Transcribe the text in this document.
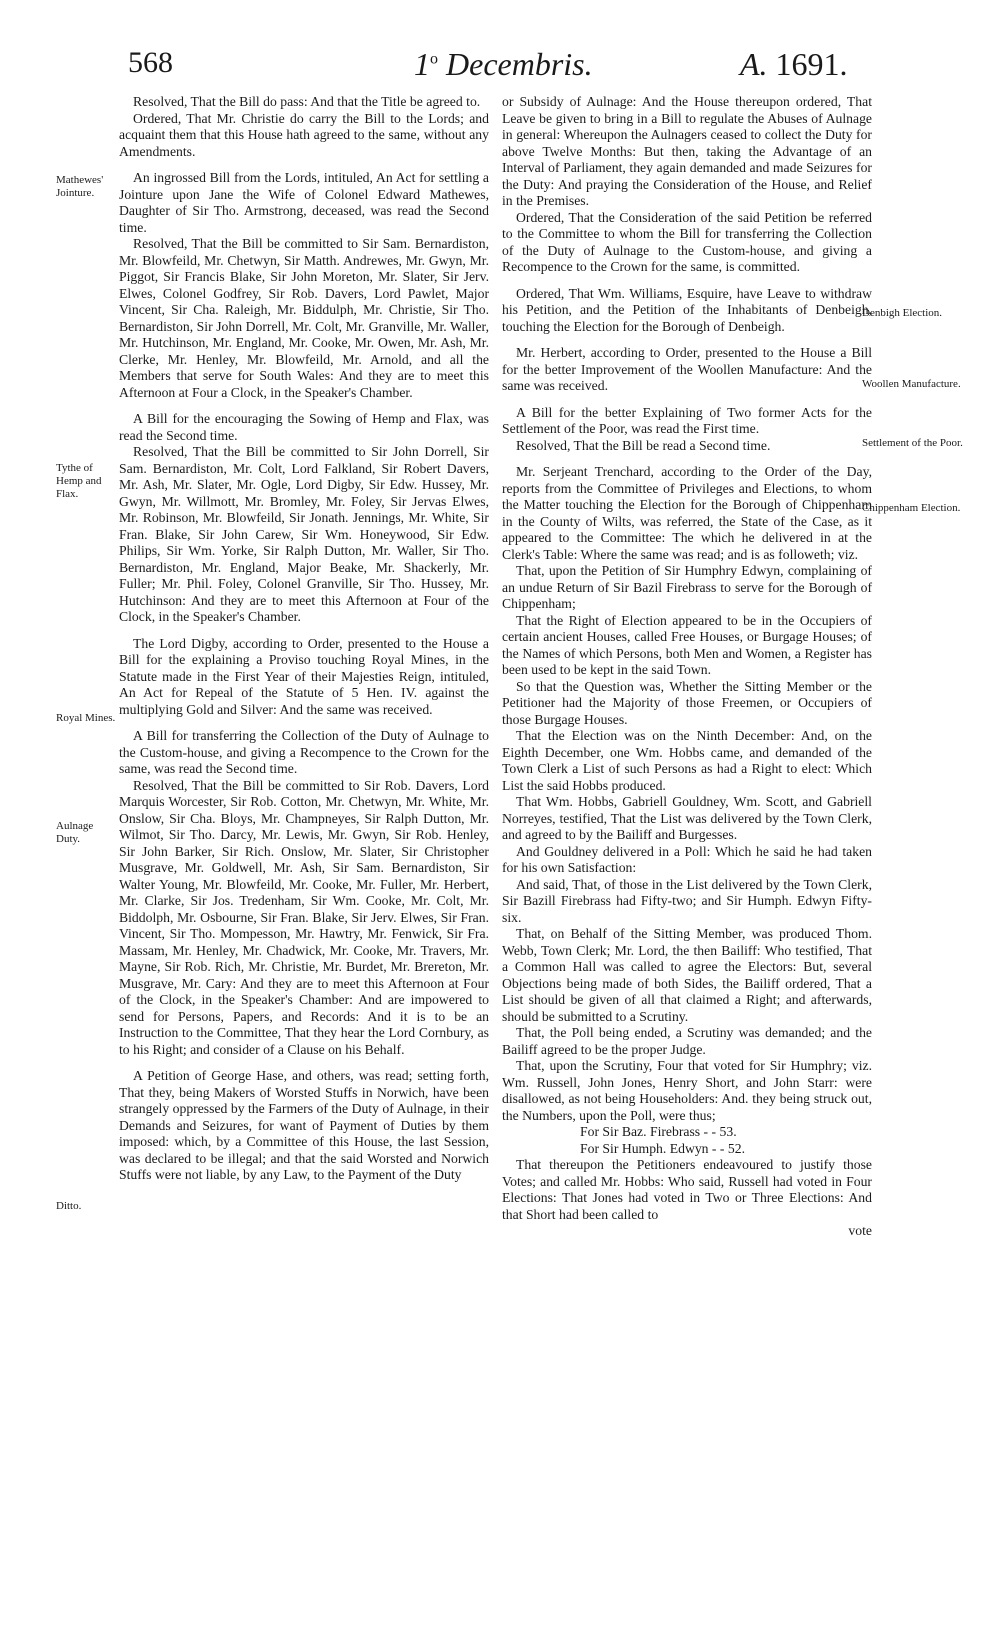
568	1$^o$ Decembris.	A. 1691.
Mathewes' Jointure.
Tythe of Hemp and Flax.
Royal Mines.
Aulnage Duty.
Ditto.
Denbigh Election.
Woollen Manufacture.
Settlement of the Poor.
Chippenham Election.

Resolved, That the Bill do pass: And that the Title be agreed to.

Ordered, That Mr. Christie do carry the Bill to the Lords; and acquaint them that this House hath agreed to the same, without any Amendments.

An ingrossed Bill from the Lords, intituled, An Act for settling a Jointure upon Jane the Wife of Colonel Edward Mathewes, Daughter of Sir Tho. Armstrong, deceased, was read the Second time.

Resolved, That the Bill be committed to Sir Sam. Bernardiston, Mr. Blowfeild, Mr. Chetwyn, Sir Matth. Andrewes, Mr. Gwyn, Mr. Piggot, Sir Francis Blake, Sir John Moreton, Mr. Slater, Sir Jerv. Elwes, Colonel Godfrey, Sir Rob. Davers, Lord Pawlet, Major Vincent, Sir Cha. Raleigh, Mr. Biddulph, Mr. Christie, Sir Tho. Bernardiston, Sir John Dorrell, Mr. Colt, Mr. Granville, Mr. Waller, Mr. Hutchinson, Mr. England, Mr. Cooke, Mr. Owen, Mr. Ash, Mr. Clerke, Mr. Henley, Mr. Blowfeild, Mr. Arnold, and all the Members that serve for South Wales: And they are to meet this Afternoon at Four a Clock, in the Speaker's Chamber.

A Bill for the encouraging the Sowing of Hemp and Flax, was read the Second time.

Resolved, That the Bill be committed to Sir John Dorrell, Sir Sam. Bernardiston, Mr. Colt, Lord Falkland, Sir Robert Davers, Mr. Ash, Mr. Slater, Mr. Ogle, Lord Digby, Sir Edw. Hussey, Mr. Gwyn, Mr. Willmott, Mr. Bromley, Mr. Foley, Sir Jervas Elwes, Mr. Robinson, Mr. Blowfeild, Sir Jonath. Jennings, Mr. White, Sir Fran. Blake, Sir John Carew, Sir Wm. Honeywood, Sir Edw. Philips, Sir Wm. Yorke, Sir Ralph Dutton, Mr. Waller, Sir Tho. Bernardiston, Mr. England, Major Beake, Mr. Shackerly, Mr. Fuller; Mr. Phil. Foley, Colonel Granville, Sir Tho. Hussey, Mr. Hutchinson: And they are to meet this Afternoon at Four of the Clock, in the Speaker's Chamber.

The Lord Digby, according to Order, presented to the House a Bill for the explaining a Proviso touching Royal Mines, in the Statute made in the First Year of their Majesties Reign, intituled, An Act for Repeal of the Statute of 5 Hen. IV. against the multiplying Gold and Silver: And the same was received.

A Bill for transferring the Collection of the Duty of Aulnage to the Custom-house, and giving a Recompence to the Crown for the same, was read the Second time.

Resolved, That the Bill be committed to Sir Rob. Davers, Lord Marquis Worcester, Sir Rob. Cotton, Mr. Chetwyn, Mr. White, Mr. Onslow, Sir Cha. Bloys, Mr. Champneyes, Sir Ralph Dutton, Mr. Wilmot, Sir Tho. Darcy, Mr. Lewis, Mr. Gwyn, Sir Rob. Henley, Sir John Barker, Sir Rich. Onslow, Mr. Slater, Sir Christopher Musgrave, Mr. Goldwell, Mr. Ash, Sir Sam. Bernardiston, Sir Walter Young, Mr. Blowfeild, Mr. Cooke, Mr. Fuller, Mr. Herbert, Mr. Clarke, Sir Jos. Tredenham, Sir Wm. Cooke, Mr. Colt, Mr. Biddolph, Mr. Osbourne, Sir Fran. Blake, Sir Jerv. Elwes, Sir Fran. Vincent, Sir Tho. Mompesson, Mr. Hawtry, Mr. Fenwick, Sir Fra. Massam, Mr. Henley, Mr. Chadwick, Mr. Cooke, Mr. Travers, Mr. Mayne, Sir Rob. Rich, Mr. Christie, Mr. Burdet, Mr. Brereton, Mr. Musgrave, Mr. Cary: And they are to meet this Afternoon at Four of the Clock, in the Speaker's Chamber: And are impowered to send for Persons, Papers, and Records: And it is to be an Instruction to the Committee, That they hear the Lord Cornbury, as to his Right; and consider of a Clause on his Behalf.

A Petition of George Hase, and others, was read; setting forth, That they, being Makers of Worsted Stuffs in Norwich, have been strangely oppressed by the Farmers of the Duty of Aulnage, in their Demands and Seizures, for want of Payment of Duties by them imposed: which, by a Committee of this House, the last Session, was declared to be illegal; and that the said Worsted and Norwich Stuffs were not liable, by any Law, to the Payment of the Duty

or Subsidy of Aulnage: And the House thereupon ordered, That Leave be given to bring in a Bill to regulate the Abuses of Aulnage in general: Whereupon the Aulnagers ceased to collect the Duty for above Twelve Months: But then, taking the Advantage of an Interval of Parliament, they again demanded and made Seizures for the Duty: And praying the Consideration of the House, and Relief in the Premises.

Ordered, That the Consideration of the said Petition be referred to the Committee to whom the Bill for transferring the Collection of the Duty of Aulnage to the Custom-house, and giving a Recompence to the Crown for the same, is committed.

Ordered, That Wm. Williams, Esquire, have Leave to withdraw his Petition, and the Petition of the Inhabitants of Denbeigh, touching the Election for the Borough of Denbeigh.

Mr. Herbert, according to Order, presented to the House a Bill for the better Improvement of the Woollen Manufacture: And the same was received.

A Bill for the better Explaining of Two former Acts for the Settlement of the Poor, was read the First time.

Resolved, That the Bill be read a Second time.

Mr. Serjeant Trenchard, according to the Order of the Day, reports from the Committee of Privileges and Elections, to whom the Matter touching the Election for the Borough of Chippenham in the County of Wilts, was referred, the State of the Case, as it appeared to the Committee: The which he delivered in at the Clerk's Table: Where the same was read; and is as followeth; viz.

That, upon the Petition of Sir Humphry Edwyn, complaining of an undue Return of Sir Bazil Firebrass to serve for the Borough of Chippenham;

That the Right of Election appeared to be in the Occupiers of certain ancient Houses, called Free Houses, or Burgage Houses; of the Names of which Persons, both Men and Women, a Register has been used to be kept in the said Town.

So that the Question was, Whether the Sitting Member or the Petitioner had the Majority of those Freemen, or Occupiers of those Burgage Houses.

That the Election was on the Ninth December: And, on the Eighth December, one Wm. Hobbs came, and demanded of the Town Clerk a List of such Persons as had a Right to elect: Which List the said Hobbs produced.

That Wm. Hobbs, Gabriell Gouldney, Wm. Scott, and Gabriell Norreyes, testified, That the List was delivered by the Town Clerk, and agreed to by the Bailiff and Burgesses.

And Gouldney delivered in a Poll: Which he said he had taken for his own Satisfaction:

And said, That, of those in the List delivered by the Town Clerk, Sir Bazill Firebrass had Fifty-two; and Sir Humph. Edwyn Fifty-six.

That, on Behalf of the Sitting Member, was produced Thom. Webb, Town Clerk; Mr. Lord, the then Bailiff: Who testified, That a Common Hall was called to agree the Electors: But, several Objections being made of both Sides, the Bailiff ordered, That a List should be given of all that claimed a Right; and afterwards, should be submitted to a Scrutiny.

That, the Poll being ended, a Scrutiny was demanded; and the Bailiff agreed to be the proper Judge.

That, upon the Scrutiny, Four that voted for Sir Humphry; viz. Wm. Russell, John Jones, Henry Short, and John Starr: were disallowed, as not being Householders: And. they being struck out, the Numbers, upon the Poll, were thus;

For Sir Baz. Firebrass - - 53.

For Sir Humph. Edwyn - - 52.

That thereupon the Petitioners endeavoured to justify those Votes; and called Mr. Hobbs: Who said, Russell had voted in Four Elections: That Jones had voted in Two or Three Elections: And that Short had been called to

vote
